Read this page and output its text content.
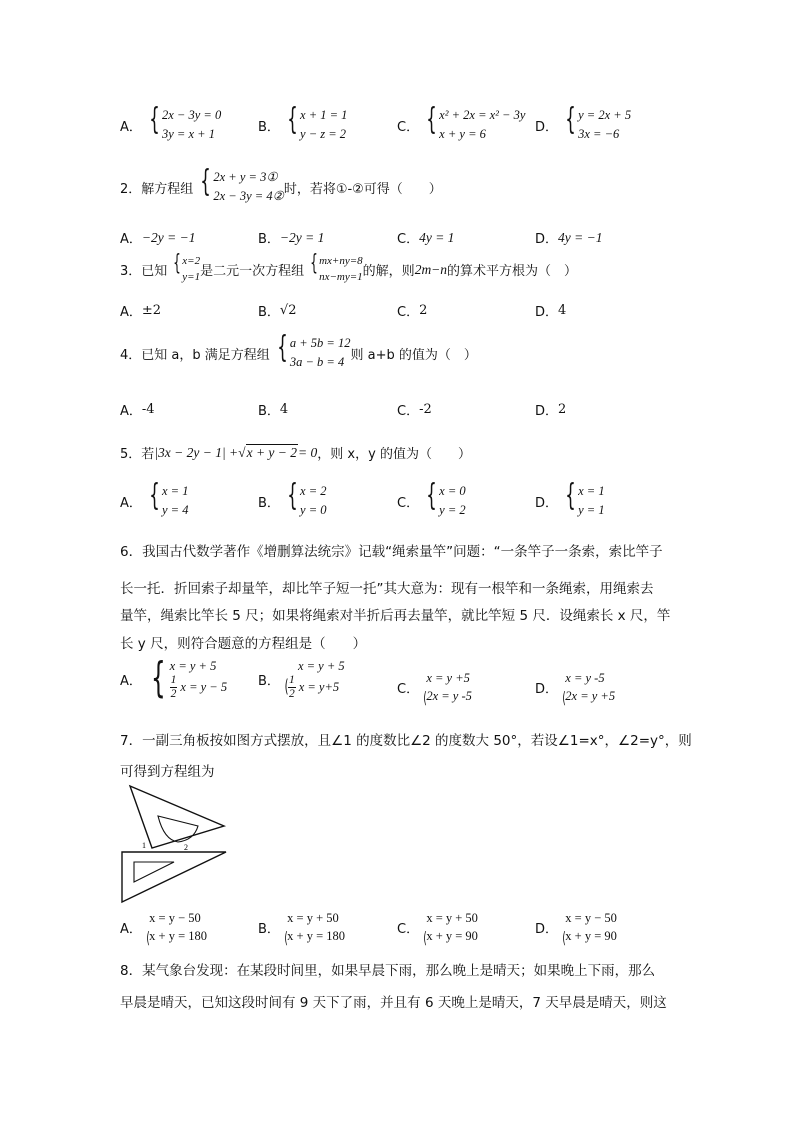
A． { 2x − 3y = 0
3y = x + 1	B． { x + 1 = 1
y − z = 2	C． { x² + 2x = x² − 3y
x + y = 6	D． { y = 2x + 5
3x = −6
2．解方程组 { 2x + y = 3①
2x − 3y = 4② 时，若将①-②可得（　　）
A． −2y = −1	B． −2y = 1	C． 4y = 1	D． 4y = −1
3．已知 { x=2
y=1 是二元一次方程组 { mx+ny=8
nx−my=1 的解，则 2m−n 的算术平方根为（　）
A． ±2	B． √2	C． 2	D． 4
4．已知 a，b 满足方程组 { a + 5b = 12
3a − b = 4 则 a+b 的值为（　）
A． -4	B． 4	C． -2	D． 2
5．若 |3x − 2y − 1| + √ x + y − 2 = 0 ，则 x，y 的值为（　　）
A． { x = 1
y = 4	B． { x = 2
y = 0	C． { x = 0
y = 2	D． { x = 1
y = 1
6．我国古代数学著作《增删算法统宗》记载“绳索量竿”问题：“一条竿子一条索，索比竿子
长一托．折回索子却量竿，却比竿子短一托”其大意为：现有一根竿和一条绳索，用绳索去
量竿，绳索比竿长 5 尺；如果将绳索对半折后再去量竿，就比竿短 5 尺．设绳索长 x 尺，竿
长 y 尺，则符合题意的方程组是（　　）
A． { x = y + 5
$\frac{1}{2}$ x = y − 5 B． (
x = y + 5
$\frac{1}{2}$ x = y+5	C． (
x = y +5
2x = y -5	D． (
x = y -5
2x = y +5
7．一副三角板按如图方式摆放，且∠1 的度数比∠2 的度数大 50°，若设∠1=x°，∠2=y°，则
可得到方程组为
1	2
A． (
x = y − 50
x + y = 180	B． (
x = y + 50
x + y = 180	C． (
x = y + 50
x + y = 90	D． (
x = y − 50
x + y = 90
8．某气象台发现：在某段时间里，如果早晨下雨，那么晚上是晴天；如果晚上下雨，那么
早晨是晴天，已知这段时间有 9 天下了雨，并且有 6 天晚上是晴天，7 天早晨是晴天，则这
